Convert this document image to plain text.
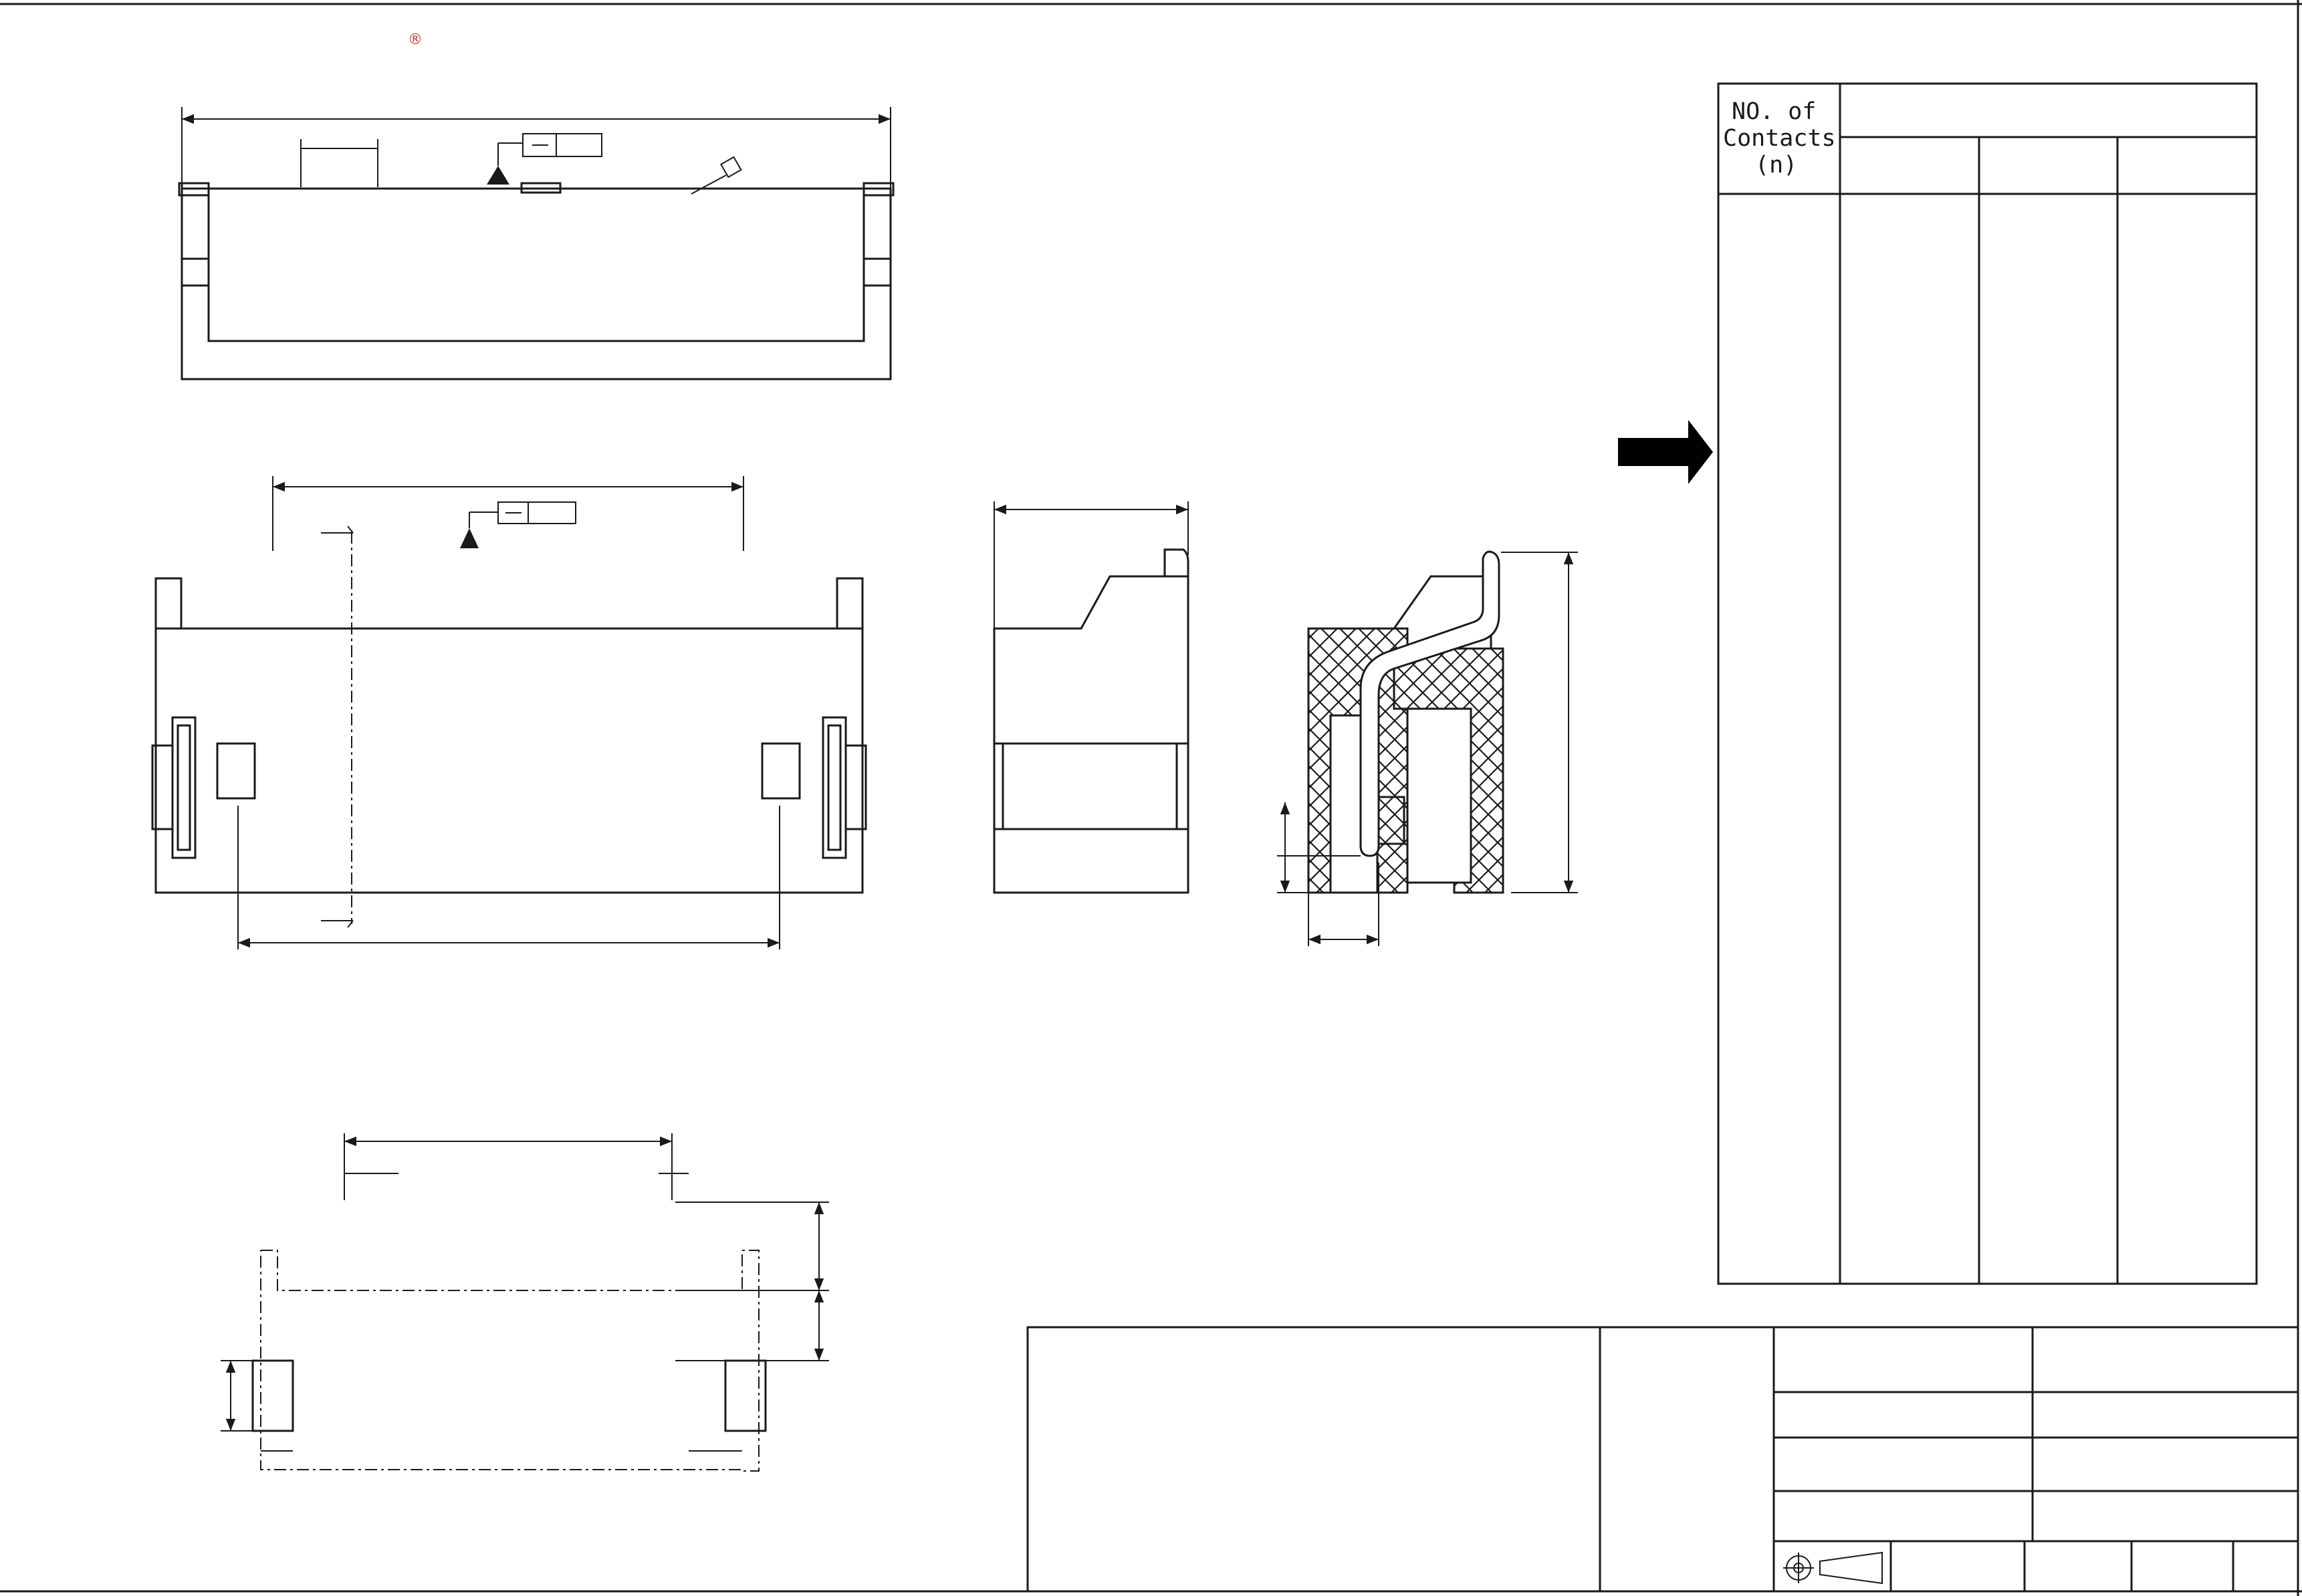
®
NO. of
Contacts
(n)
